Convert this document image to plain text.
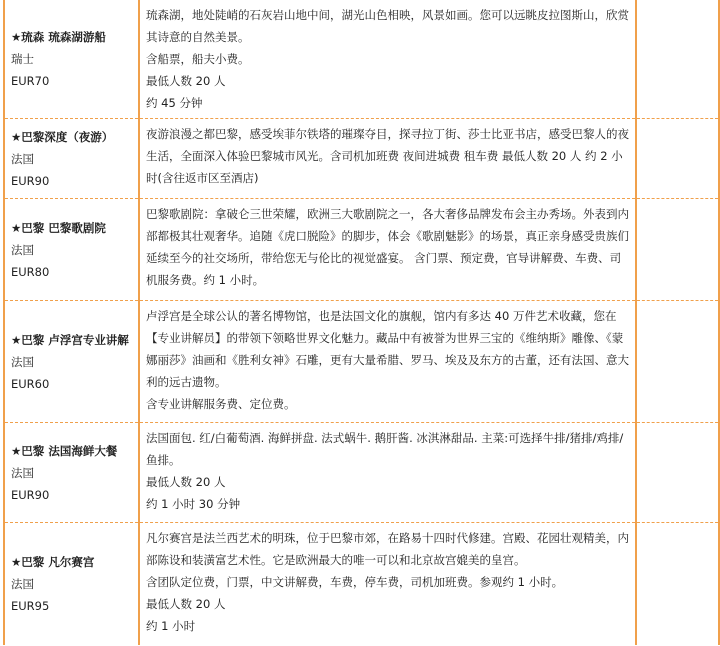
★琉森 琉森湖游船
瑞士
EUR70	琉森湖，地处陡峭的石灰岩山地中间，湖光山色相映，风景如画。您可以远眺皮拉图斯山，欣赏其诗意的自然美景。
含船票，船夫小费。
最低人数 20 人
约 45 分钟	

★巴黎深度（夜游）
法国
EUR90	夜游浪漫之都巴黎，感受埃菲尔铁塔的璀璨夺目，探寻拉丁街、莎士比亚书店，感受巴黎人的夜生活，全面深入体验巴黎城市风光。含司机加班费 夜间进城费 租车费 最低人数 20 人 约 2 小时(含往返市区至酒店)	

★巴黎 巴黎歌剧院
法国
EUR80	巴黎歌剧院：拿破仑三世荣耀，欧洲三大歌剧院之一，各大奢侈品牌发布会主办秀场。外表到内部都极其壮观奢华。追随《虎口脱险》的脚步，体会《歌剧魅影》的场景，真正亲身感受贵族们延续至今的社交场所，带给您无与伦比的视觉盛宴。 含门票、预定费，官导讲解费、车费、司机服务费。约 1 小时。	

★巴黎 卢浮宫专业讲解
法国
EUR60	卢浮宫是全球公认的著名博物馆，也是法国文化的旗舰，馆内有多达 40 万件艺术收藏，您在【专业讲解员】的带领下领略世界文化魅力。藏品中有被誉为世界三宝的《维纳斯》雕像、《蒙娜丽莎》油画和《胜利女神》石雕，更有大量希腊、罗马、埃及及东方的古董，还有法国、意大利的远古遗物。
含专业讲解服务费、定位费。	

★巴黎 法国海鲜大餐
法国
EUR90	法国面包. 红/白葡萄酒. 海鲜拼盘. 法式蜗牛. 鹅肝酱. 冰淇淋甜品. 主菜:可选择牛排/猪排/鸡排/鱼排。
最低人数 20 人
约 1 小时 30 分钟	

★巴黎 凡尔赛宫
法国
EUR95	凡尔赛宫是法兰西艺术的明珠，位于巴黎市郊，在路易十四时代修建。宫殿、花园壮观精美，内部陈设和装潢富艺术性。它是欧洲最大的唯一可以和北京故宫媲美的皇宫。
含团队定位费，门票，中文讲解费，车费，停车费，司机加班费。参观约 1 小时。
最低人数 20 人
约 1 小时	
